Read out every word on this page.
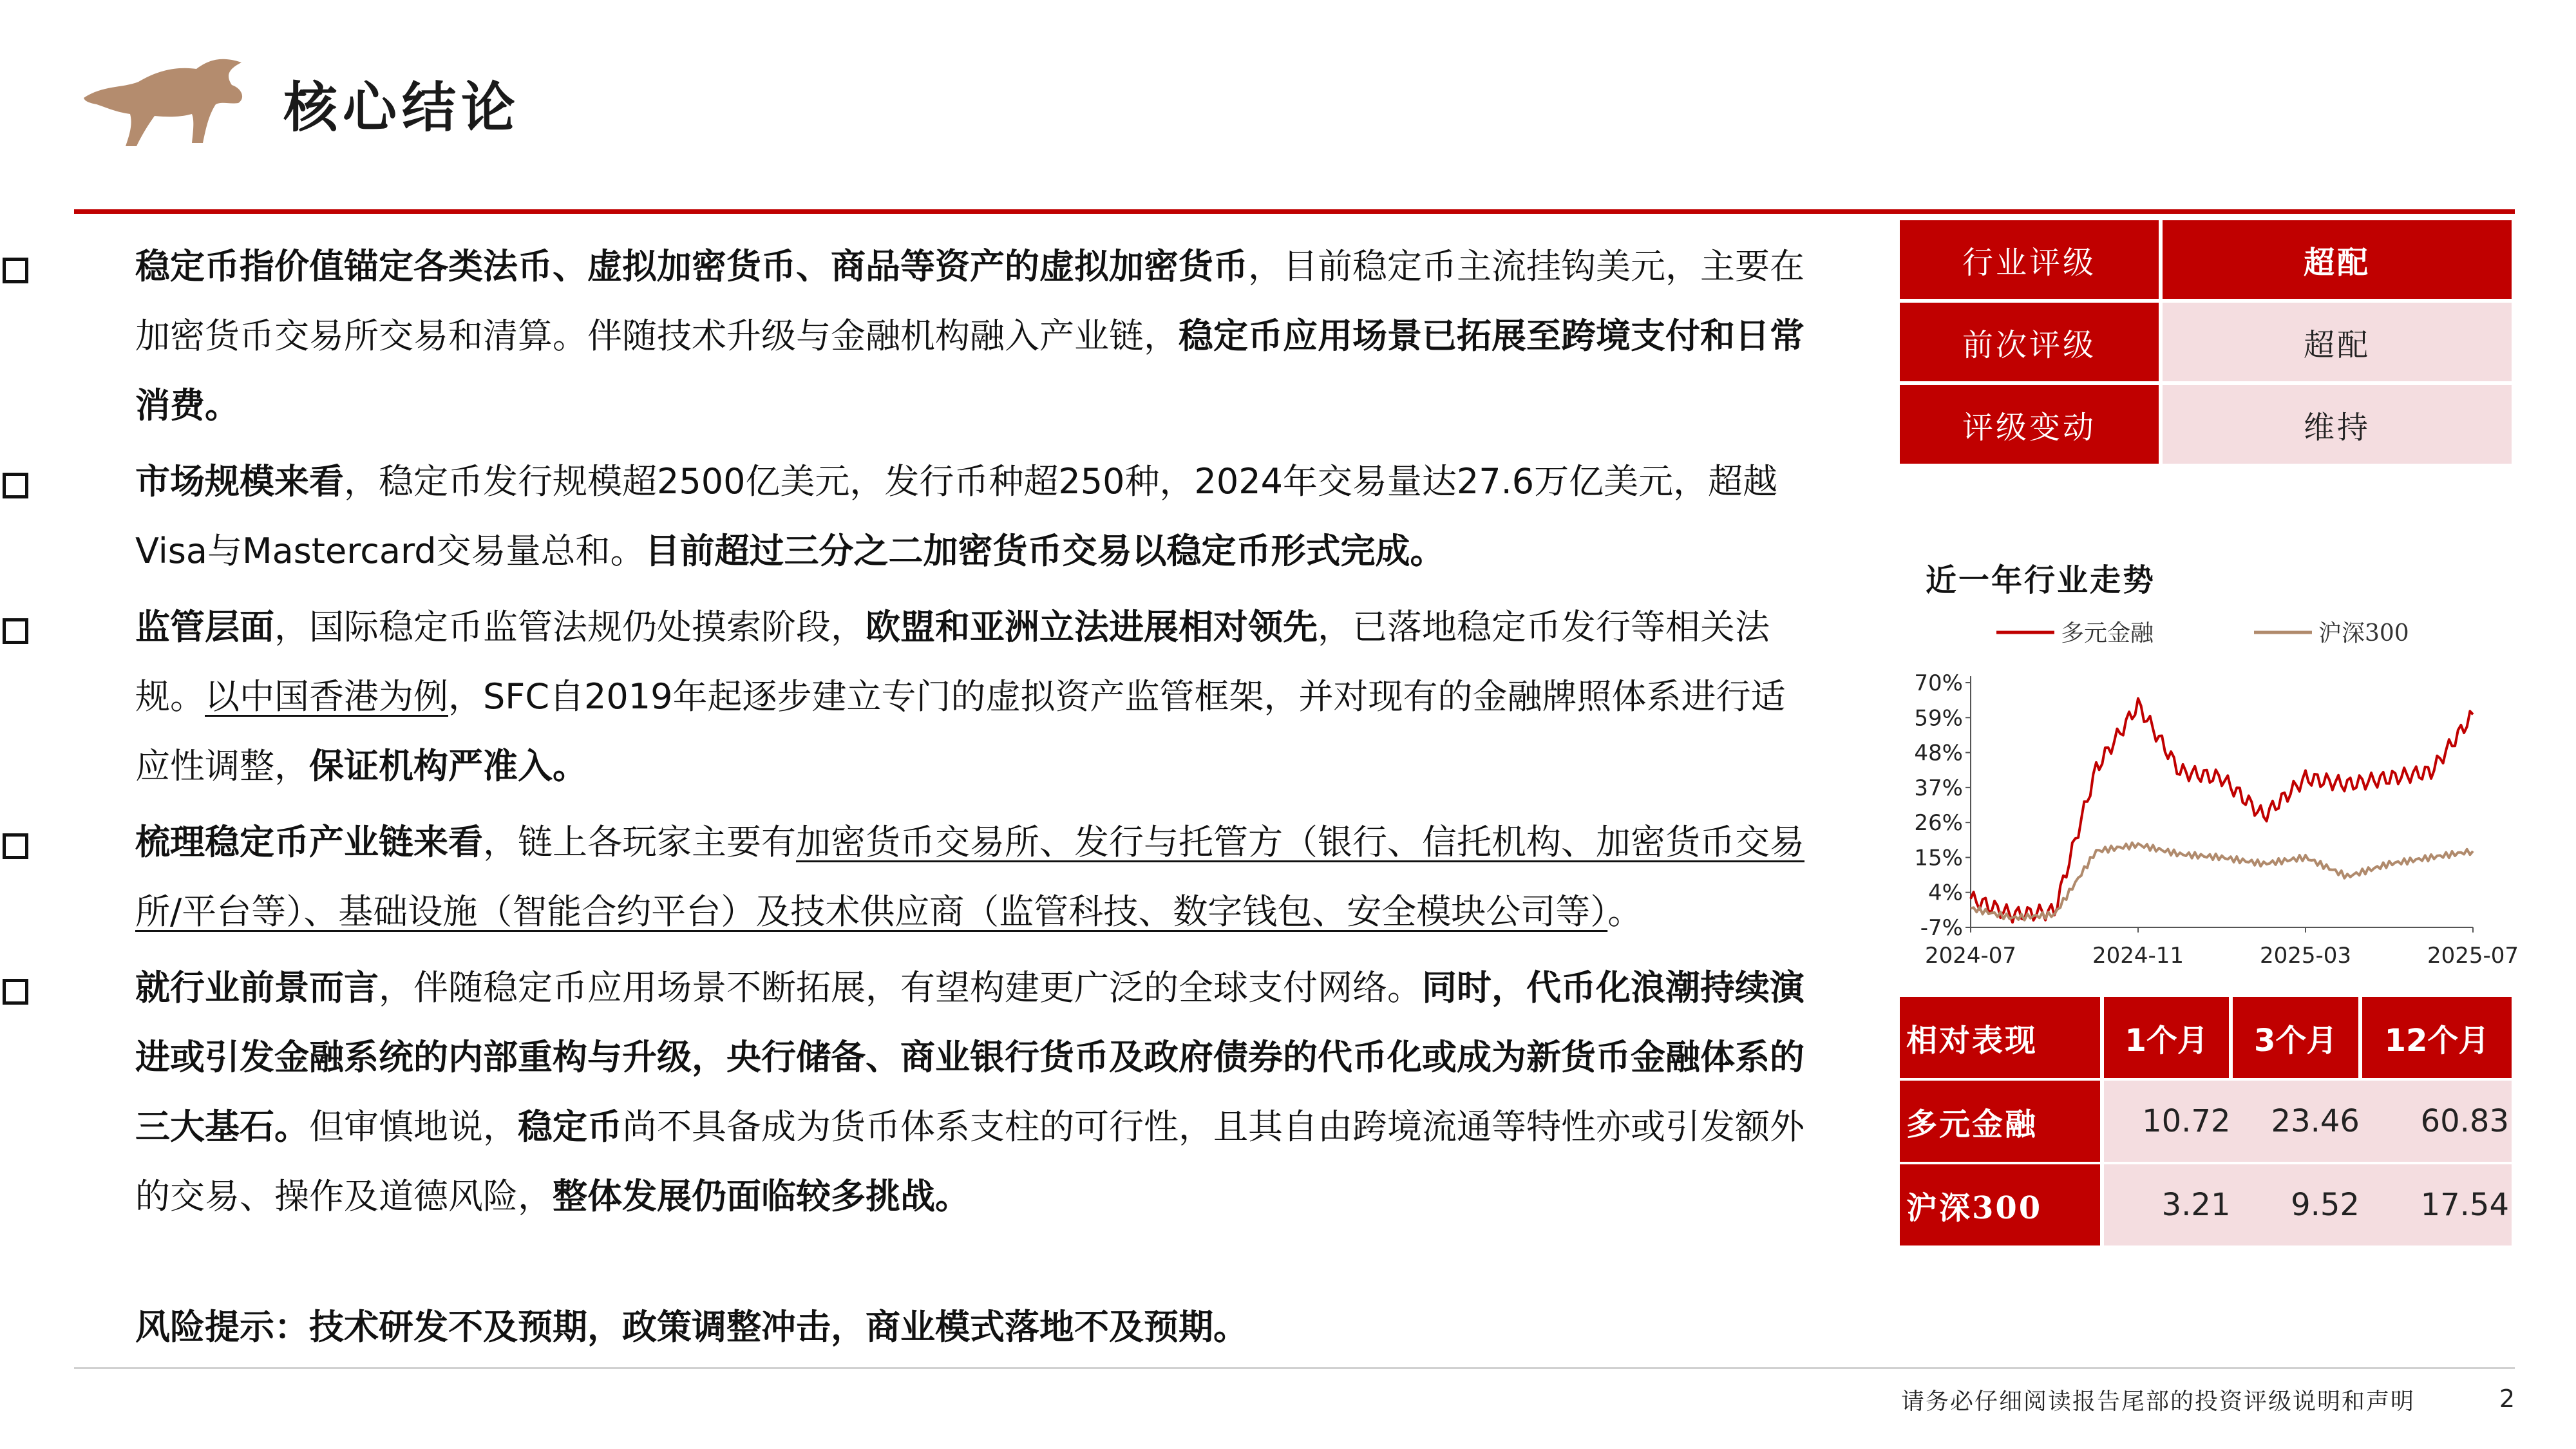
核心结论
稳定币指价值锚定各类法币、虚拟加密货币、商品等资产的虚拟加密货币，目前稳定币主流挂钩美元，主要在加密货币交易所交易和清算。伴随技术升级与金融机构融入产业链，稳定币应用场景已拓展至跨境支付和日常消费。
市场规模来看，稳定币发行规模超2500亿美元，发行币种超250种，2024年交易量达27.6万亿美元，超越Visa与Mastercard交易量总和。目前超过三分之二加密货币交易以稳定币形式完成。
监管层面，国际稳定币监管法规仍处摸索阶段，欧盟和亚洲立法进展相对领先，已落地稳定币发行等相关法规。以中国香港为例，SFC自2019年起逐步建立专门的虚拟资产监管框架，并对现有的金融牌照体系进行适应性调整，保证机构严准入。
梳理稳定币产业链来看，链上各玩家主要有加密货币交易所、发行与托管方（银行、信托机构、加密货币交易所/平台等）、基础设施（智能合约平台）及技术供应商（监管科技、数字钱包、安全模块公司等）。
就行业前景而言，伴随稳定币应用场景不断拓展，有望构建更广泛的全球支付网络。同时，代币化浪潮持续演进或引发金融系统的内部重构与升级，央行储备、商业银行货币及政府债券的代币化或成为新货币金融体系的三大基石。但审慎地说，稳定币尚不具备成为货币体系支柱的可行性，且其自由跨境流通等特性亦或引发额外的交易、操作及道德风险，整体发展仍面临较多挑战。
风险提示：技术研发不及预期，政策调整冲击，商业模式落地不及预期。
行业评级	超配
前次评级	超配
评级变动	维持
近一年行业走势
多元金融	沪深300
70%
59%
48%
37%
26%
15%
4%
-7%
2024-07	2024-11	2025-03	2025-07
相对表现	1个月	3个月	12个月
多元金融	10.72	23.46	60.83
沪深300	3.21	9.52	17.54
请务必仔细阅读报告尾部的投资评级说明和声明	2
